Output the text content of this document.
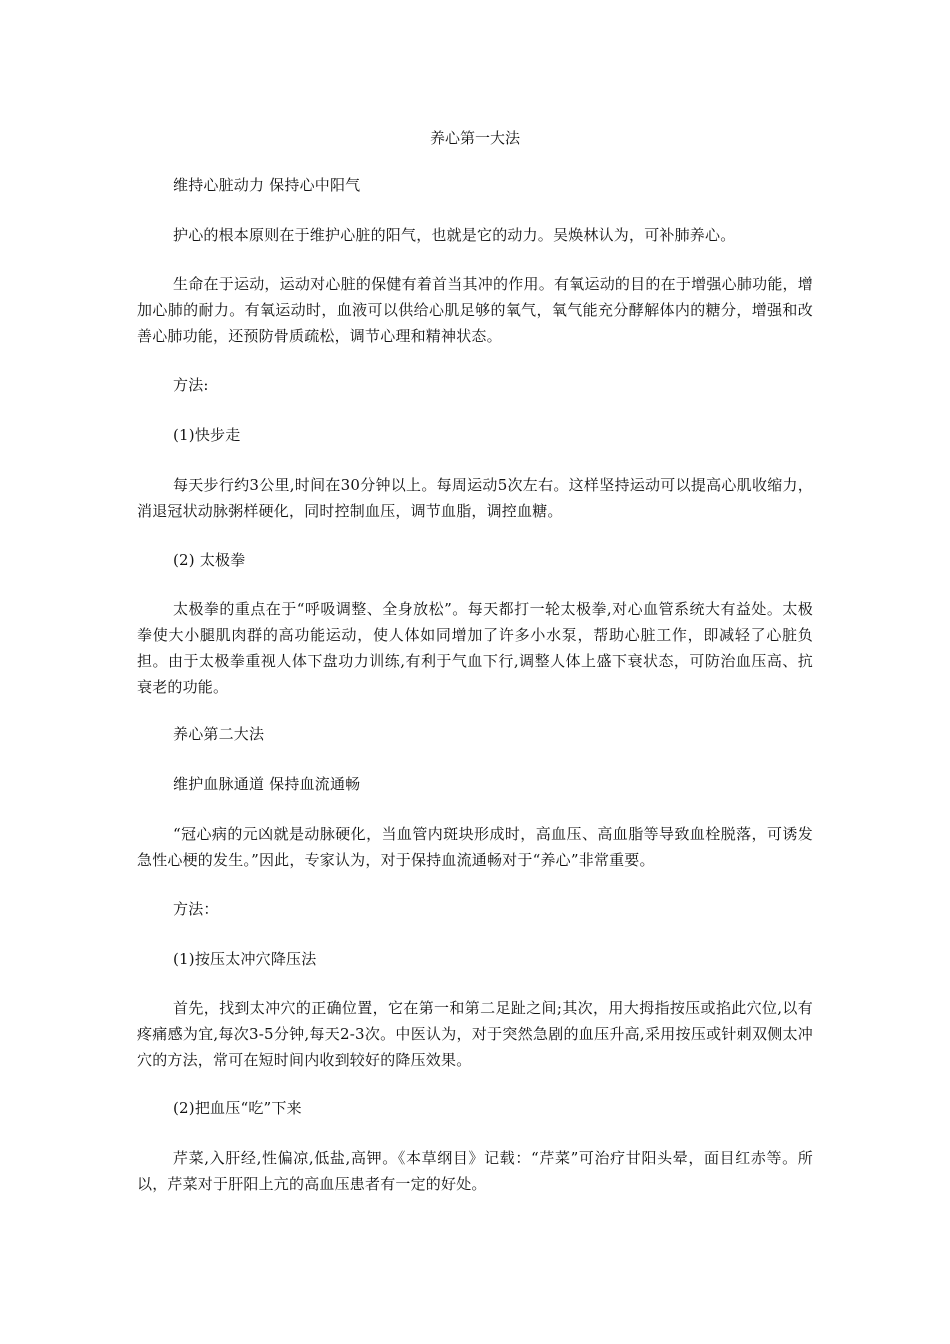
养心第一大法

维持心脏动力 保持心中阳气

护心的根本原则在于维护心脏的阳气，也就是它的动力。吴焕林认为，可补肺养心。

生命在于运动，运动对心脏的保健有着首当其冲的作用。有氧运动的目的在于增强心肺功能，增加心肺的耐力。有氧运动时，血液可以供给心肌足够的氧气，氧气能充分酵解体内的糖分，增强和改善心肺功能，还预防骨质疏松，调节心理和精神状态。

方法:

(1)快步走

每天步行约3公里,时间在30分钟以上。每周运动5次左右。这样坚持运动可以提高心肌收缩力，消退冠状动脉粥样硬化，同时控制血压，调节血脂，调控血糖。

(2) 太极拳

太极拳的重点在于“呼吸调整、全身放松”。每天都打一轮太极拳,对心血管系统大有益处。太极拳使大小腿肌肉群的高功能运动，使人体如同增加了许多小水泵，帮助心脏工作，即减轻了心脏负担。由于太极拳重视人体下盘功力训练,有利于气血下行,调整人体上盛下衰状态，可防治血压高、抗衰老的功能。

养心第二大法

维护血脉通道 保持血流通畅

“冠心病的元凶就是动脉硬化，当血管内斑块形成时，高血压、高血脂等导致血栓脱落，可诱发急性心梗的发生。”因此，专家认为，对于保持血流通畅对于“养心”非常重要。

方法：

(1)按压太冲穴降压法

首先，找到太冲穴的正确位置，它在第一和第二足趾之间;其次，用大拇指按压或掐此穴位,以有疼痛感为宜,每次3-5分钟,每天2-3次。中医认为，对于突然急剧的血压升高,采用按压或针刺双侧太冲穴的方法，常可在短时间内收到较好的降压效果。

(2)把血压“吃”下来

芹菜,入肝经,性偏凉,低盐,高钾。《本草纲目》记载：“芹菜”可治疗甘阳头晕，面目红赤等。所以，芹菜对于肝阳上亢的高血压患者有一定的好处。
